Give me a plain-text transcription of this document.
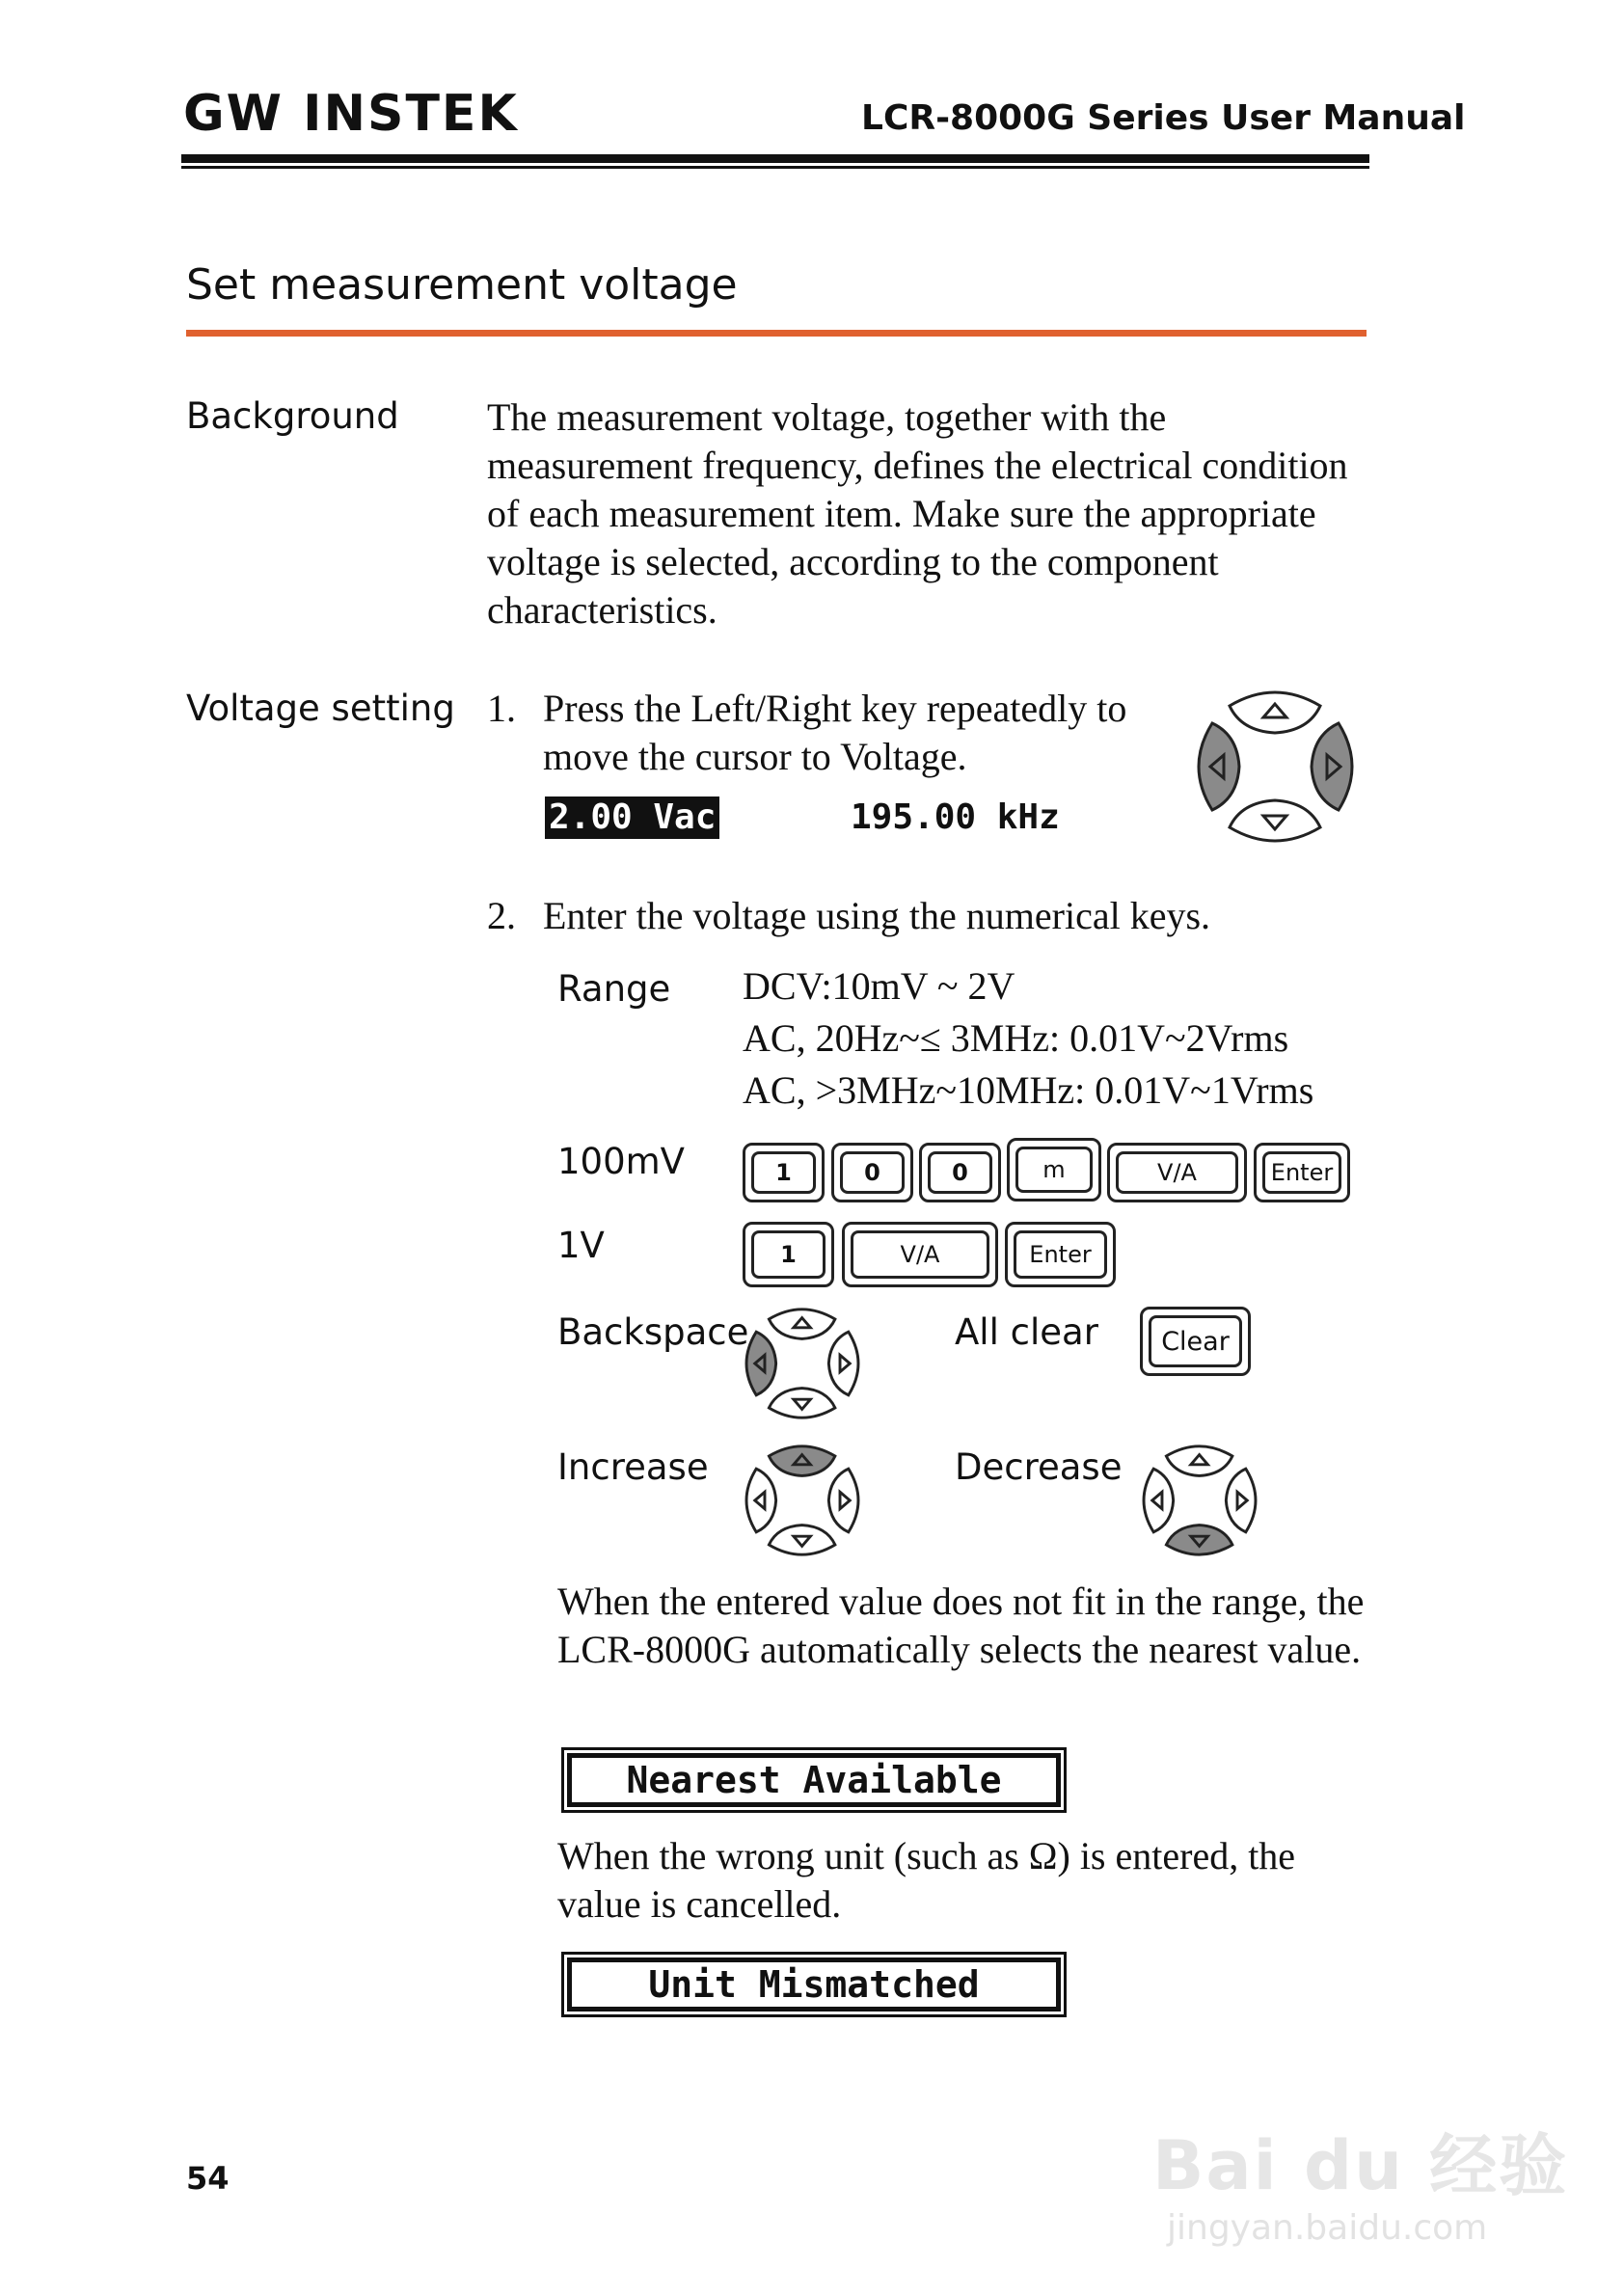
GW INSTEK	LCR-8000G Series User Manual
Set measurement voltage
Background The measurement voltage, together with the measurement frequency, defines the electrical condition of each measurement item. Make sure the appropriate voltage is selected, according to the component characteristics.
Voltage setting 1. Press the Left/Right key repeatedly to move the cursor to Voltage.
2.00 Vac	195.00 kHz
2. Enter the voltage using the numerical keys.
Range DCV:10mV ~ 2V
AC, 20Hz~≤ 3MHz: 0.01V~2Vrms
AC, >3MHz~10MHz: 0.01V~1Vrms
100mV	1	0	0	m	V/A	Enter
1V	1	V/A	Enter
Backspace	All clear	Clear
Increase	Decrease
When the entered value does not fit in the range, the LCR-8000G automatically selects the nearest value.
Nearest Available
When the wrong unit (such as Ω) is entered, the value is cancelled.
Unit Mismatched
54	Bai du 经验
jingyan.baidu.com
